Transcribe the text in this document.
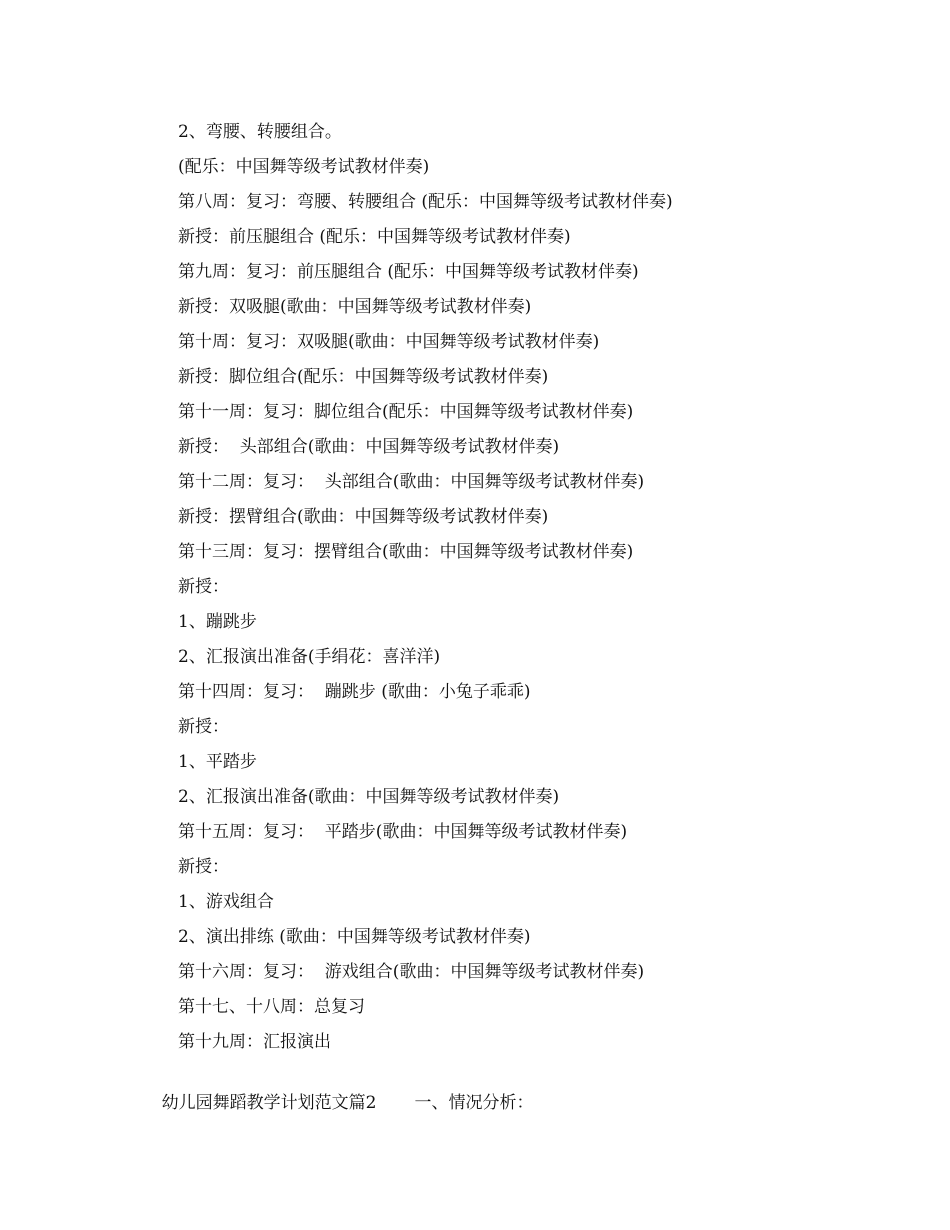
2、弯腰、转腰组合。
(配乐：中国舞等级考试教材伴奏)
第八周：复习：弯腰、转腰组合 (配乐：中国舞等级考试教材伴奏)
新授：前压腿组合 (配乐：中国舞等级考试教材伴奏)
第九周：复习：前压腿组合 (配乐：中国舞等级考试教材伴奏)
新授：双吸腿(歌曲：中国舞等级考试教材伴奏)
第十周：复习：双吸腿(歌曲：中国舞等级考试教材伴奏)
新授：脚位组合(配乐：中国舞等级考试教材伴奏)
第十一周：复习：脚位组合(配乐：中国舞等级考试教材伴奏)
新授：  头部组合(歌曲：中国舞等级考试教材伴奏)
第十二周：复习：  头部组合(歌曲：中国舞等级考试教材伴奏)
新授：摆臂组合(歌曲：中国舞等级考试教材伴奏)
第十三周：复习：摆臂组合(歌曲：中国舞等级考试教材伴奏)
新授：
1、蹦跳步
2、汇报演出准备(手绢花：喜洋洋)
第十四周：复习：  蹦跳步 (歌曲：小兔子乖乖)
新授：
1、平踏步
2、汇报演出准备(歌曲：中国舞等级考试教材伴奏)
第十五周：复习：  平踏步(歌曲：中国舞等级考试教材伴奏)
新授：
1、游戏组合
2、演出排练 (歌曲：中国舞等级考试教材伴奏)
第十六周：复习：  游戏组合(歌曲：中国舞等级考试教材伴奏)
第十七、十八周：总复习
第十九周：汇报演出

幼儿园舞蹈教学计划范文篇2 一、情况分析：
